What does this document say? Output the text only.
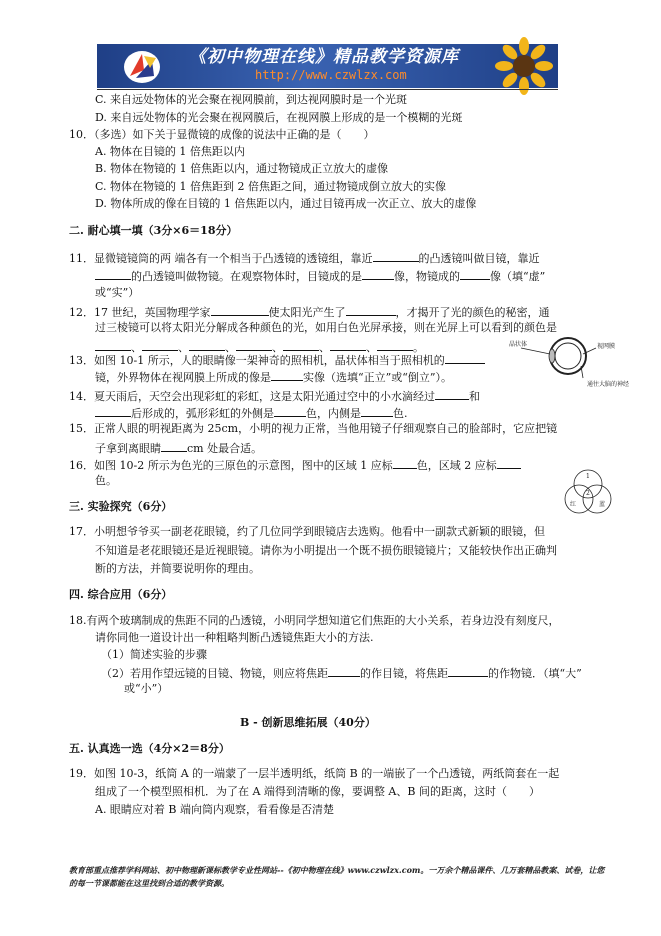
《初中物理在线》精品教学资源库
http://www.czwlzx.com
C. 来自远处物体的光会聚在视网膜前，到达视网膜时是一个光斑
D. 来自远处物体的光会聚在视网膜后，在视网膜上形成的是一个模糊的光斑
10．（多选）如下关于显微镜的成像的说法中正确的是（　　）
A. 物体在目镜的 1 倍焦距以内
B. 物体在物镜的 1 倍焦距以内，通过物镜成正立放大的虚像
C. 物体在物镜的 1 倍焦距到 2 倍焦距之间，通过物镜成倒立放大的实像
D. 物体所成的像在目镜的 1 倍焦距以内，通过目镜再成一次正立、放大的虚像
二. 耐心填一填（3分×6＝18分）
11．显微镜镜筒的两 端各有一个相当于凸透镜的透镜组，靠近	的凸透镜叫做目镜，靠近
的凸透镜叫做物镜。在观察物体时，目镜成的是	像，物镜成的	像（填“虚”
或“实”）
12．17 世纪，英国物理学家	使太阳光产生了	，才揭开了光的颜色的秘密，通
过三棱镜可以将太阳光分解成各种颜色的光，如用白色光屏承接，则在光屏上可以看到的颜色是
、	、	、	、	、	、	。
13．如图 10-1 所示，人的眼睛像一架神奇的照相机，晶状体相当于照相机的
镜，外界物体在视网膜上所成的像是	实像（选填“正立”或“倒立”）。
晶状体	视网膜
通往大脑的神经
14．夏天雨后，天空会出现彩虹的彩虹，这是太阳光通过空中的小水滴经过	和
后形成的，弧形彩虹的外侧是	色，内侧是	色.
15．正常人眼的明视距离为 25cm，小明的视力正常，当他用镜子仔细观察自己的脸部时，它应把镜
子拿到离眼睛 cm 处最合适。
16．如图 10-2 所示为色光的三原色的示意图，图中的区域 1 应标 色，区域 2 应标
色。	1
2
红	蓝
三. 实验探究（6分）
17．小明想爷爷买一副老花眼镜，约了几位同学到眼镜店去选购。他看中一副款式新颖的眼镜，但
不知道是老花眼镜还是近视眼镜。请你为小明提出一个既不损伤眼镜镜片；又能较快作出正确判
断的方法，并简要说明你的理由。
四. 综合应用（6分）
18.有两个玻璃制成的焦距不同的凸透镜，小明同学想知道它们焦距的大小关系，若身边没有刻度尺，
请你同他一道设计出一种粗略判断凸透镜焦距大小的方法.
（1）简述实验的步骤
（2）若用作望远镜的目镜、物镜，则应将焦距	的作目镜，将焦距	的作物镜．（填“大”
或“小”）
B - 创新思维拓展（40分）
五. 认真选一选（4分×2＝8分）
19．如图 10-3，纸筒 A 的一端蒙了一层半透明纸，纸筒 B 的一端嵌了一个凸透镜，两纸筒套在一起
组成了一个模型照相机．为了在 A 端得到清晰的像，要调整 A、B 间的距离，这时（　　）
A. 眼睛应对着 B 端向筒内观察，看看像是否清楚
教育部重点推荐学科网站、初中物理新课标教学专业性网站--《初中物理在线》www.czwlzx.com。一万余个精品课件、几万套精品教案、试卷，让您的每一节课都能在这里找到合适的教学资源。
